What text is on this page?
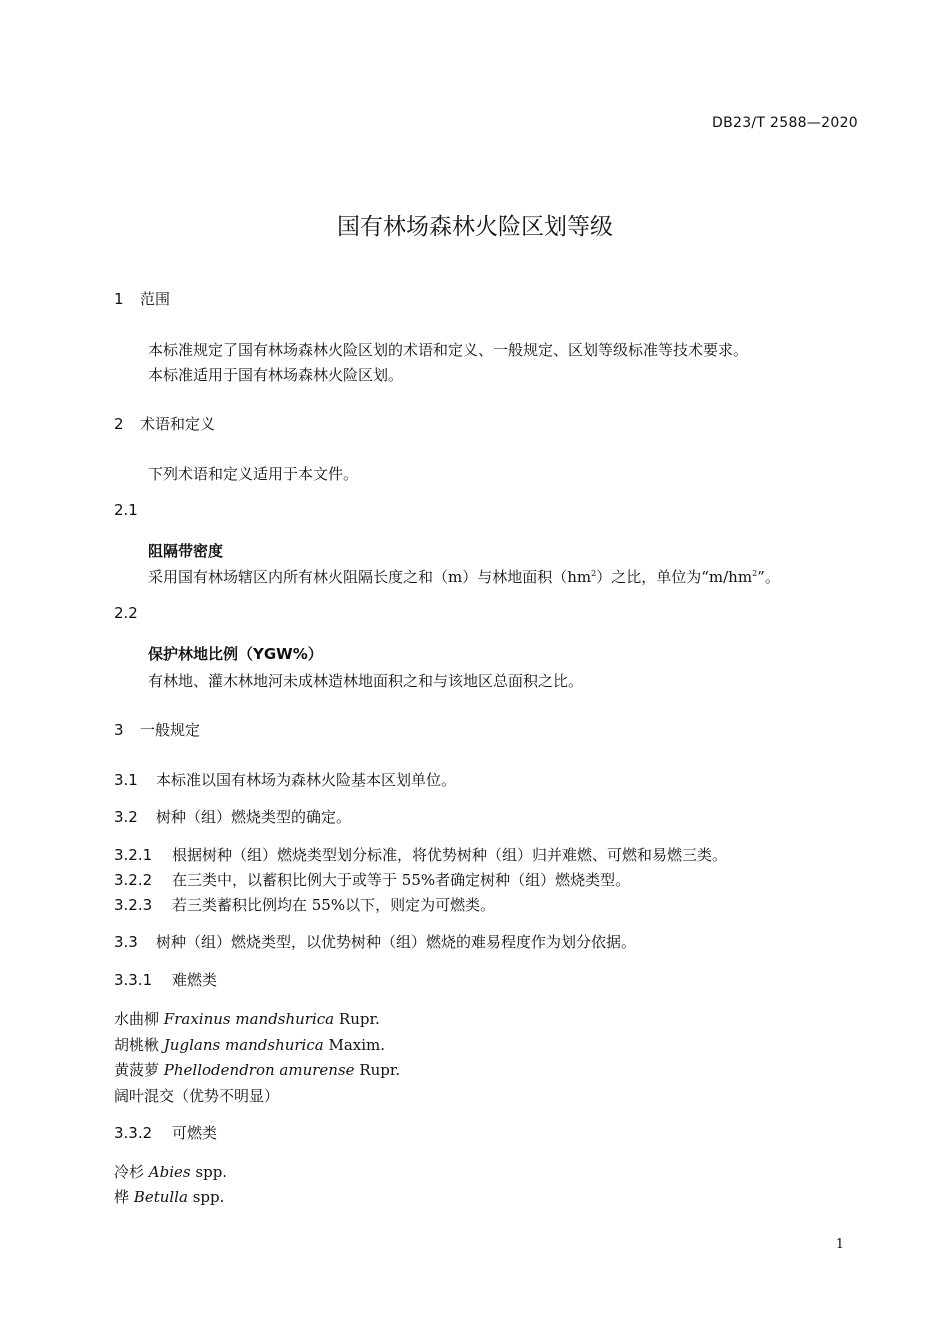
DB23/T 2588—2020
国有林场森林火险区划等级
1 范围
本标准规定了国有林场森林火险区划的术语和定义、一般规定、区划等级标准等技术要求。
本标准适用于国有林场森林火险区划。
2 术语和定义
下列术语和定义适用于本文件。
2.1
阻隔带密度
采用国有林场辖区内所有林火阻隔长度之和（m）与林地面积$(hm^2)$之比，单位为“$m/hm^2$”。
2.2
保护林地比例（YGW%）
有林地、灌木林地河未成林造林地面积之和与该地区总面积之比。
3 一般规定
3.1 本标准以国有林场为森林火险基本区划单位。
3.2 树种（组）燃烧类型的确定。
3.2.1 根据树种（组）燃烧类型划分标准，将优势树种（组）归并难燃、可燃和易燃三类。
3.2.2 在三类中，以蓄积比例大于或等于 55%者确定树种（组）燃烧类型。
3.2.3 若三类蓄积比例均在 55%以下，则定为可燃类。
3.3 树种（组）燃烧类型，以优势树种（组）燃烧的难易程度作为划分依据。
3.3.1 难燃类
水曲柳 Fraxinus mandshurica Rupr.
胡桃楸 Juglans mandshurica Maxim.
黄菠萝 Phellodendron amurense Rupr.
阔叶混交（优势不明显）
3.3.2 可燃类
冷杉 Abies spp.
桦 Betulla spp.
1
